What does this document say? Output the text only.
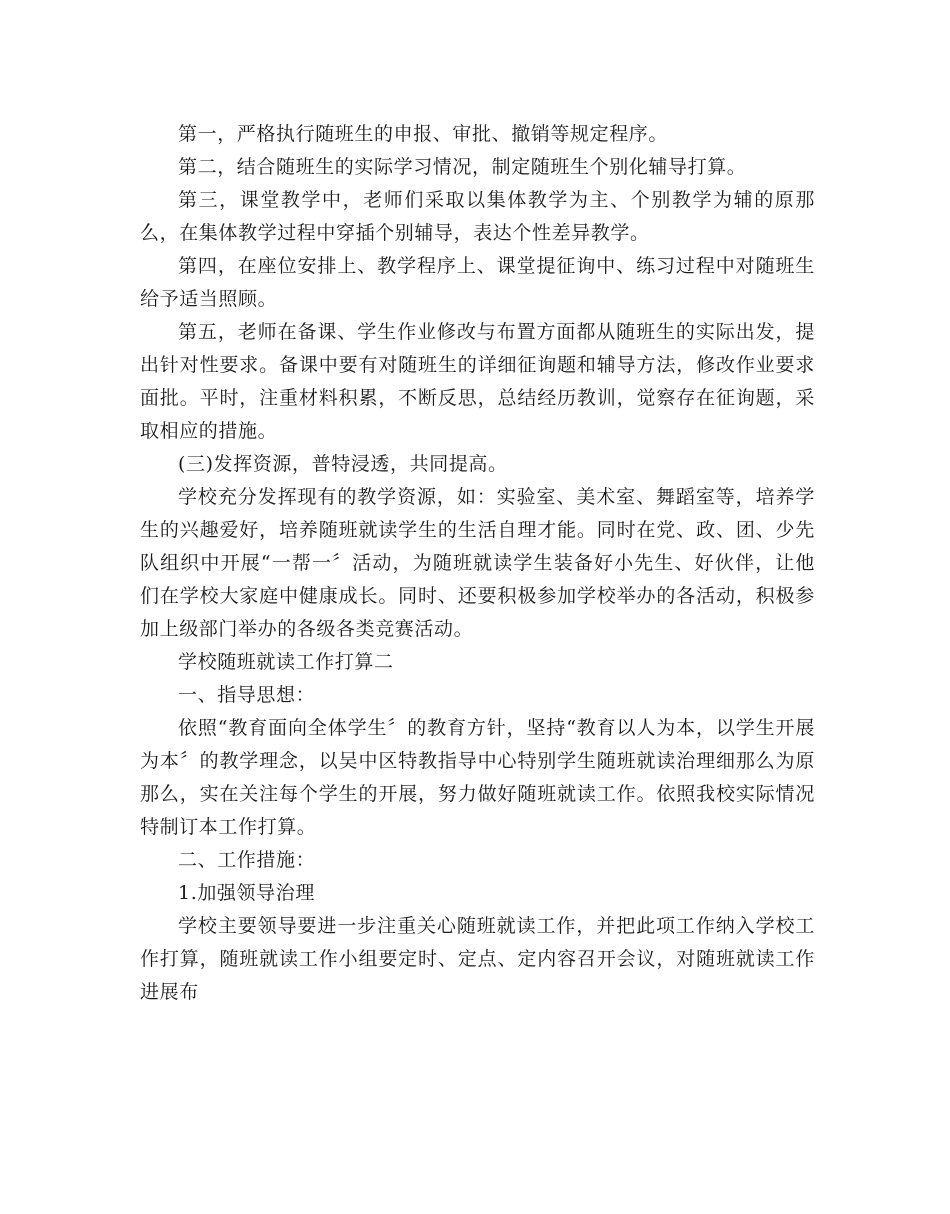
第一，严格执行随班生的申报、审批、撤销等规定程序。

第二，结合随班生的实际学习情况，制定随班生个别化辅导打算。

第三，课堂教学中，老师们采取以集体教学为主、个别教学为辅的原那么，在集体教学过程中穿插个别辅导，表达个性差异教学。

第四，在座位安排上、教学程序上、课堂提征询中、练习过程中对随班生给予适当照顾。

第五，老师在备课、学生作业修改与布置方面都从随班生的实际出发，提出针对性要求。备课中要有对随班生的详细征询题和辅导方法，修改作业要求面批。平时，注重材料积累，不断反思，总结经历教训，觉察存在征询题，采取相应的措施。

(三)发挥资源，普特浸透，共同提高。

学校充分发挥现有的教学资源，如：实验室、美术室、舞蹈室等，培养学生的兴趣爱好，培养随班就读学生的生活自理才能。同时在党、政、团、少先队组织中开展“一帮一〞活动，为随班就读学生装备好小先生、好伙伴，让他们在学校大家庭中健康成长。同时、还要积极参加学校举办的各活动，积极参加上级部门举办的各级各类竞赛活动。

学校随班就读工作打算二

一、指导思想：

依照“教育面向全体学生〞的教育方针，坚持“教育以人为本，以学生开展为本〞的教学理念，以吴中区特教指导中心特别学生随班就读治理细那么为原那么，实在关注每个学生的开展，努力做好随班就读工作。依照我校实际情况特制订本工作打算。

二、工作措施：

1.加强领导治理

学校主要领导要进一步注重关心随班就读工作，并把此项工作纳入学校工作打算，随班就读工作小组要定时、定点、定内容召开会议，对随班就读工作进展布
